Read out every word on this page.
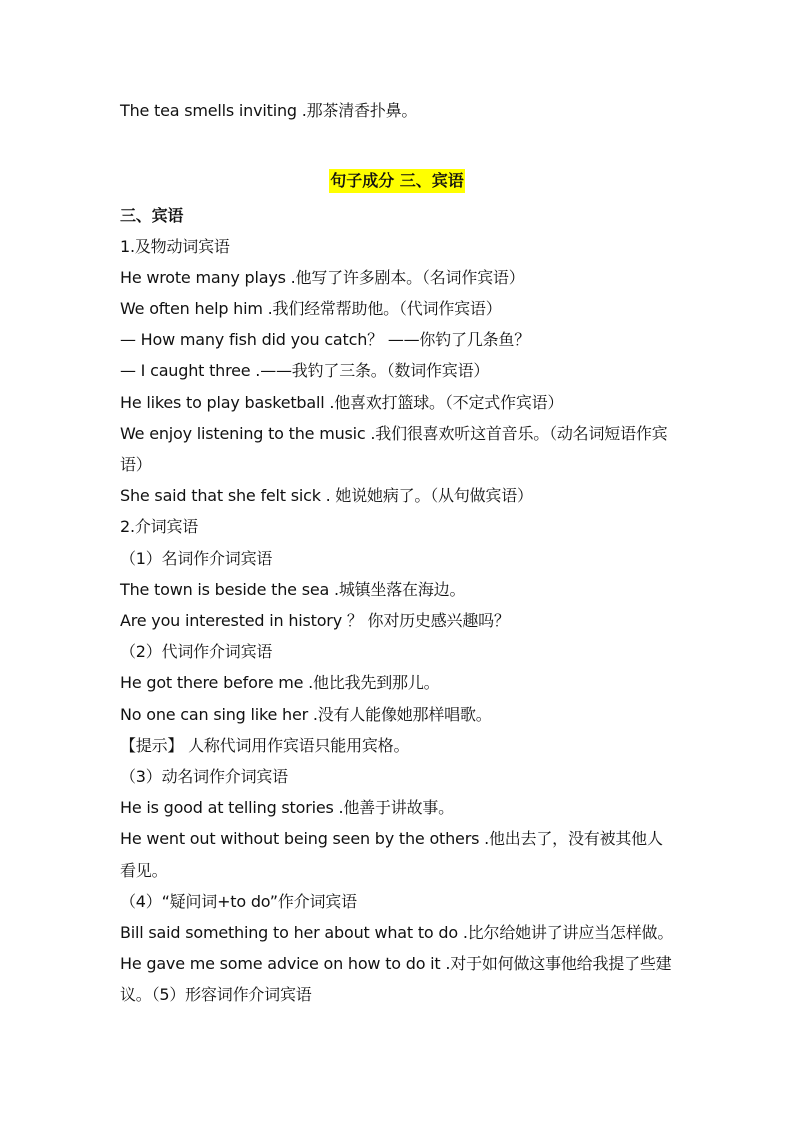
The tea smells inviting .那茶清香扑鼻。
句子成分 三、宾语
三、宾语
1.及物动词宾语
He wrote many plays .他写了许多剧本。（名词作宾语）
We often help him .我们经常帮助他。（代词作宾语）
— How many fish did you catch？ ——你钓了几条鱼？
— I caught three .——我钓了三条。（数词作宾语）
He likes to play basketball .他喜欢打篮球。（不定式作宾语）
We enjoy listening to the music .我们很喜欢听这首音乐。（动名词短语作宾
语）
She said that she felt sick . 她说她病了。（从句做宾语）
2.介词宾语
（1）名词作介词宾语
The town is beside the sea .城镇坐落在海边。
Are you interested in history ？ 你对历史感兴趣吗？
（2）代词作介词宾语
He got there before me .他比我先到那儿。
No one can sing like her .没有人能像她那样唱歌。
【提示】 人称代词用作宾语只能用宾格。
（3）动名词作介词宾语
He is good at telling stories .他善于讲故事。
He went out without being seen by the others .他出去了，没有被其他人
看见。
（4）“疑问词+to do”作介词宾语
Bill said something to her about what to do .比尔给她讲了讲应当怎样做。
He gave me some advice on how to do it .对于如何做这事他给我提了些建
议。（5）形容词作介词宾语
